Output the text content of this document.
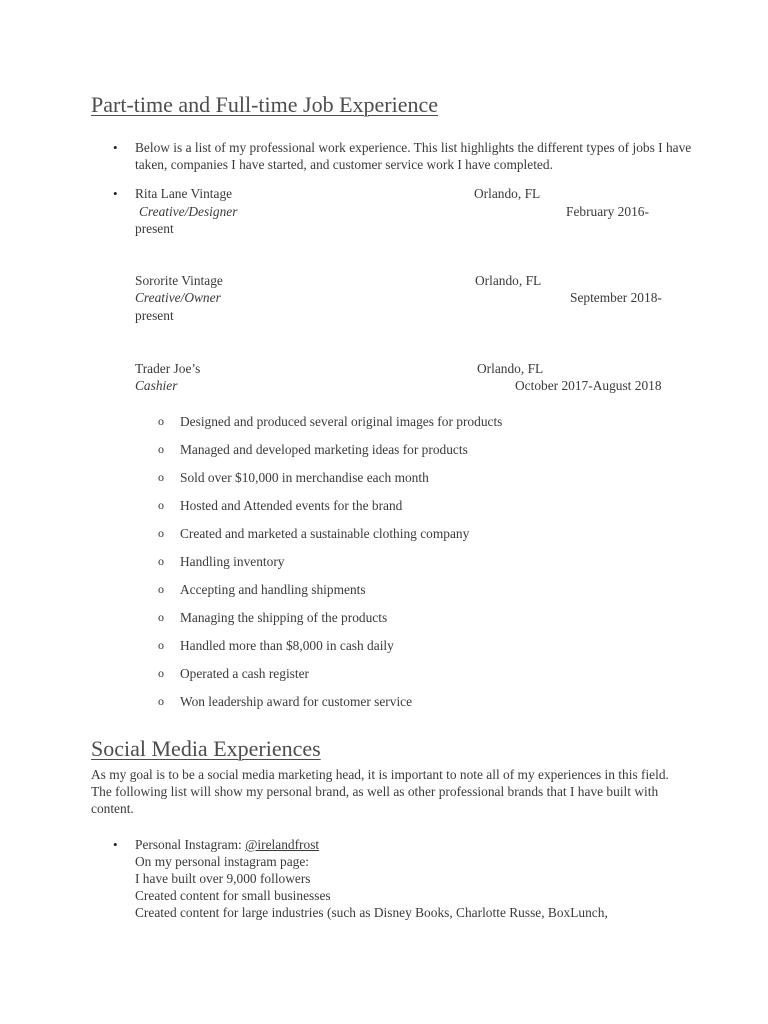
Part-time and Full-time Job Experience
• Below is a list of my professional work experience. This list highlights the different types of jobs I have taken, companies I have started, and customer service work I have completed.
• Rita Lane Vintage	Orlando, FL
Creative/Designer	February 2016-
present
Sororite Vintage	Orlando, FL
Creative/Owner	September 2018-
present
Trader Joe’s	Orlando, FL
Cashier	October 2017-August 2018
o Designed and produced several original images for products
o Managed and developed marketing ideas for products
o Sold over $10,000 in merchandise each month
o Hosted and Attended events for the brand
o Created and marketed a sustainable clothing company
o Handling inventory
o Accepting and handling shipments
o Managing the shipping of the products
o Handled more than $8,000 in cash daily
o Operated a cash register
o Won leadership award for customer service
Social Media Experiences
As my goal is to be a social media marketing head, it is important to note all of my experiences in this field. The following list will show my personal brand, as well as other professional brands that I have built with content.
• Personal Instagram: @irelandfrost
On my personal instagram page:
I have built over 9,000 followers
Created content for small businesses
Created content for large industries (such as Disney Books, Charlotte Russe, BoxLunch,
